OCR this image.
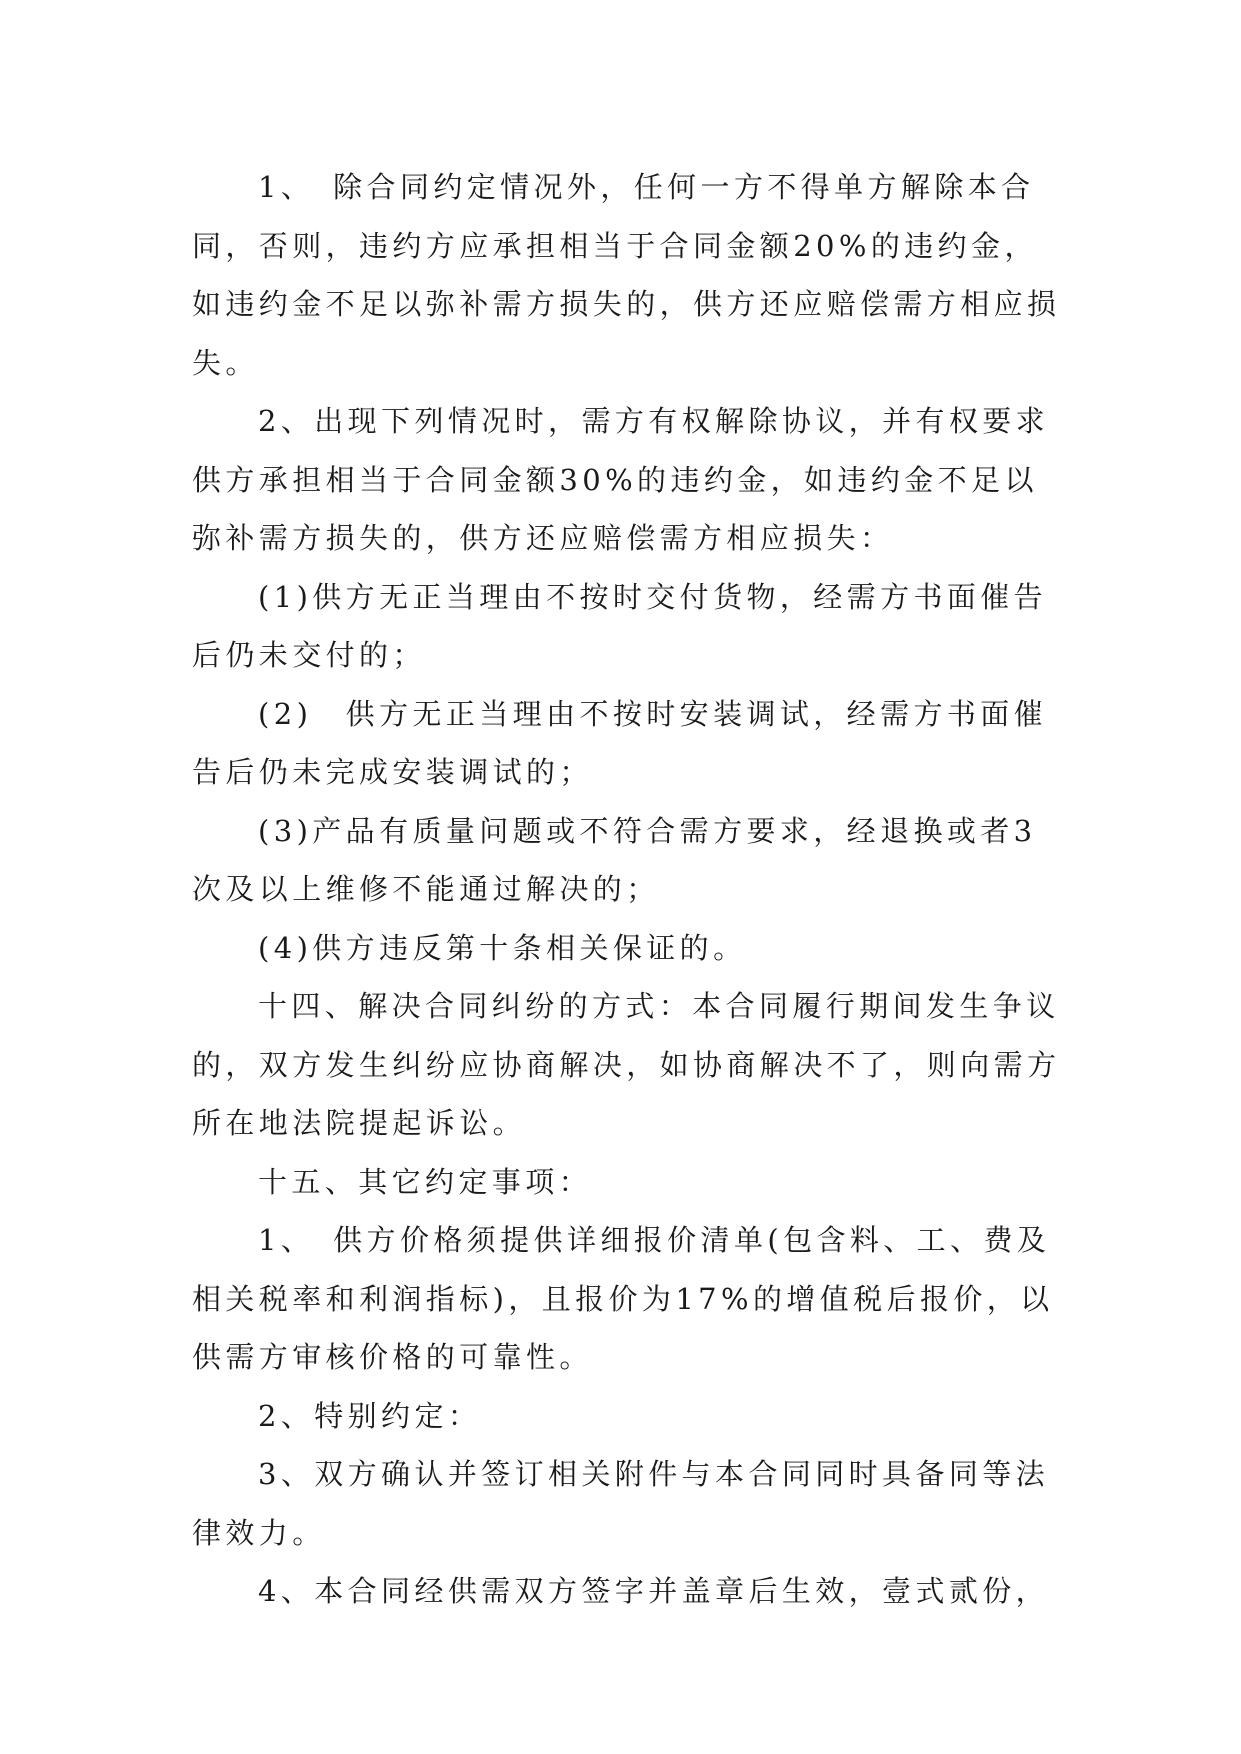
1、　除合同约定情况外，任何一方不得单方解除本合同，否则，违约方应承担相当于合同金额20%的违约金，如违约金不足以弥补需方损失的，供方还应赔偿需方相应损失。

2、出现下列情况时，需方有权解除协议，并有权要求供方承担相当于合同金额30%的违约金，如违约金不足以弥补需方损失的，供方还应赔偿需方相应损失：

(1)供方无正当理由不按时交付货物，经需方书面催告后仍未交付的；

(2)　供方无正当理由不按时安装调试，经需方书面催告后仍未完成安装调试的；

(3)产品有质量问题或不符合需方要求，经退换或者3次及以上维修不能通过解决的；

(4)供方违反第十条相关保证的。

十四、解决合同纠纷的方式：本合同履行期间发生争议的，双方发生纠纷应协商解决，如协商解决不了，则向需方所在地法院提起诉讼。

十五、其它约定事项：

1、　供方价格须提供详细报价清单(包含料、工、费及相关税率和利润指标)，且报价为17%的增值税后报价，以供需方审核价格的可靠性。

2、特别约定：

3、双方确认并签订相关附件与本合同同时具备同等法律效力。

4、本合同经供需双方签字并盖章后生效，壹式贰份，
